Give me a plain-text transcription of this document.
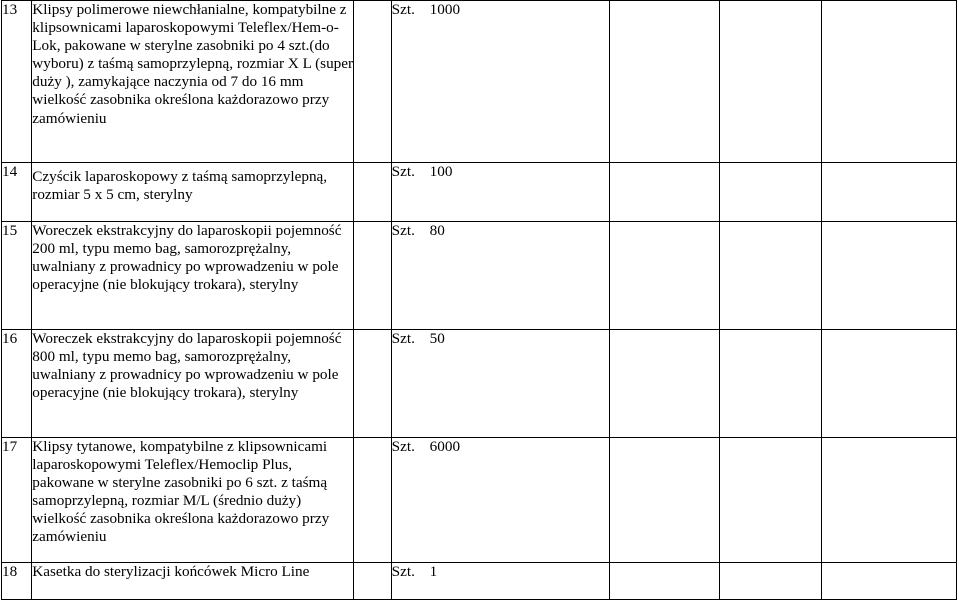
13	Klipsy polimerowe niewchłanialne, kompatybilne z klipsownicami laparoskopowymi Teleflex/Hem-o-Lok, pakowane w sterylne zasobniki po 4 szt.(do wyboru) z taśmą samoprzylepną, rozmiar X L (super duży ), zamykające naczynia od 7 do 16 mm wielkość zasobnika określona każdorazowo przy zamówieniu		Szt. 1000			
14	Czyścik laparoskopowy z taśmą samoprzylepną, rozmiar 5 x 5 cm, sterylny		Szt. 100			
15	Woreczek ekstrakcyjny do laparoskopii pojemność 200 ml, typu memo bag, samorozprężalny, uwalniany z prowadnicy po wprowadzeniu w pole operacyjne (nie blokujący trokara), sterylny		Szt. 80			
16	Woreczek ekstrakcyjny do laparoskopii pojemność 800 ml, typu memo bag, samorozprężalny, uwalniany z prowadnicy po wprowadzeniu w pole operacyjne (nie blokujący trokara), sterylny		Szt. 50			
17	Klipsy tytanowe, kompatybilne z klipsownicami laparoskopowymi Teleflex/Hemoclip Plus, pakowane w sterylne zasobniki po 6 szt. z taśmą samoprzylepną, rozmiar M/L (średnio duży) wielkość zasobnika określona każdorazowo przy zamówieniu		Szt. 6000			
18	Kasetka do sterylizacji końcówek Micro Line		Szt. 1			
